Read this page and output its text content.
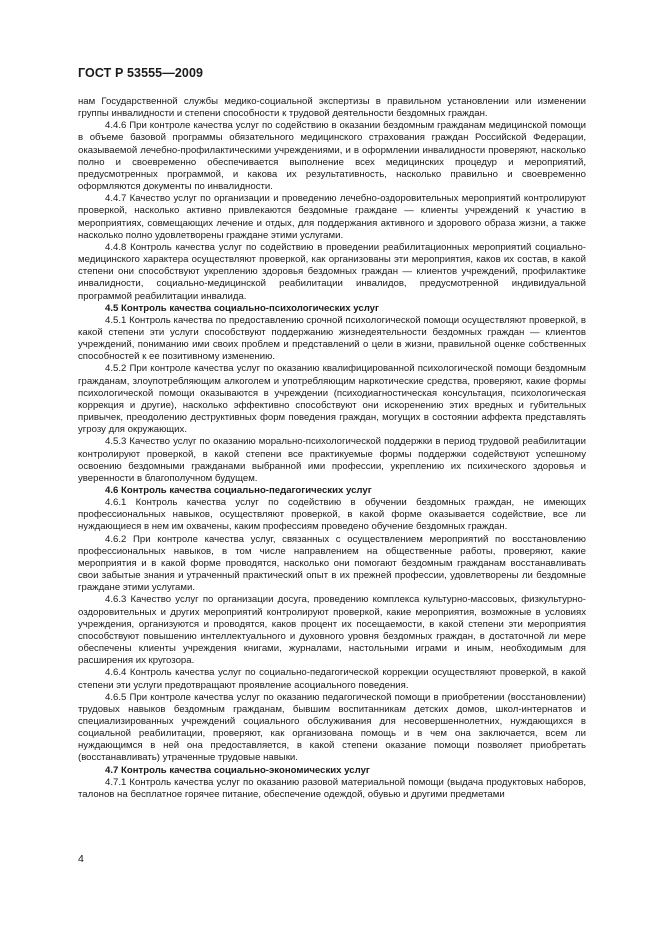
ГОСТ Р 53555—2009

нам Государственной службы медико-социальной экспертизы в правильном установлении или изменении группы инвалидности и степени способности к трудовой деятельности бездомных граждан.

4.4.6 При контроле качества услуг по содействию в оказании бездомным гражданам медицинской помощи в объеме базовой программы обязательного медицинского страхования граждан Российской Федерации, оказываемой лечебно-профилактическими учреждениями, и в оформлении инвалидности проверяют, насколько полно и своевременно обеспечивается выполнение всех медицинских процедур и мероприятий, предусмотренных программой, и какова их результативность, насколько правильно и своевременно оформляются документы по инвалидности.

4.4.7 Качество услуг по организации и проведению лечебно-оздоровительных мероприятий контролируют проверкой, насколько активно привлекаются бездомные граждане — клиенты учреждений к участию в мероприятиях, совмещающих лечение и отдых, для поддержания активного и здорового образа жизни, а также насколько полно удовлетворены граждане этими услугами.

4.4.8 Контроль качества услуг по содействию в проведении реабилитационных мероприятий социально-медицинского характера осуществляют проверкой, как организованы эти мероприятия, каков их состав, в какой степени они способствуют укреплению здоровья бездомных граждан — клиентов учреждений, профилактике инвалидности, социально-медицинской реабилитации инвалидов, предусмотренной индивидуальной программой реабилитации инвалида.

4.5 Контроль качества социально-психологических услуг

4.5.1 Контроль качества по предоставлению срочной психологической помощи осуществляют проверкой, в какой степени эти услуги способствуют поддержанию жизнедеятельности бездомных граждан — клиентов учреждений, пониманию ими своих проблем и представлений о цели в жизни, правильной оценке собственных способностей к ее позитивному изменению.

4.5.2 При контроле качества услуг по оказанию квалифицированной психологической помощи бездомным гражданам, злоупотребляющим алкоголем и употребляющим наркотические средства, проверяют, какие формы психологической помощи оказываются в учреждении (психодиагностическая консультация, психологическая коррекция и другие), насколько эффективно способствуют они искоренению этих вредных и губительных привычек, преодолению деструктивных форм поведения граждан, могущих в состоянии аффекта представлять угрозу для окружающих.

4.5.3 Качество услуг по оказанию морально-психологической поддержки в период трудовой реабилитации контролируют проверкой, в какой степени все практикуемые формы поддержки содействуют успешному освоению бездомными гражданами выбранной ими профессии, укреплению их психического здоровья и уверенности в благополучном будущем.

4.6 Контроль качества социально-педагогических услуг

4.6.1 Контроль качества услуг по содействию в обучении бездомных граждан, не имеющих профессиональных навыков, осуществляют проверкой, в какой форме оказывается содействие, все ли нуждающиеся в нем им охвачены, каким профессиям проведено обучение бездомных граждан.

4.6.2 При контроле качества услуг, связанных с осуществлением мероприятий по восстановлению профессиональных навыков, в том числе направлением на общественные работы, проверяют, какие мероприятия и в какой форме проводятся, насколько они помогают бездомным гражданам восстанавливать свои забытые знания и утраченный практический опыт в их прежней профессии, удовлетворены ли бездомные граждане этими услугами.

4.6.3 Качество услуг по организации досуга, проведению комплекса культурно-массовых, физкультурно-оздоровительных и других мероприятий контролируют проверкой, какие мероприятия, возможные в условиях учреждения, организуются и проводятся, каков процент их посещаемости, в какой степени эти мероприятия способствуют повышению интеллектуального и духовного уровня бездомных граждан, в достаточной ли мере обеспечены клиенты учреждения книгами, журналами, настольными играми и иным, необходимым для расширения их кругозора.

4.6.4 Контроль качества услуг по социально-педагогической коррекции осуществляют проверкой, в какой степени эти услуги предотвращают проявление асоциального поведения.

4.6.5 При контроле качества услуг по оказанию педагогической помощи в приобретении (восстановлении) трудовых навыков бездомным гражданам, бывшим воспитанникам детских домов, школ-интернатов и специализированных учреждений социального обслуживания для несовершеннолетних, нуждающихся в социальной реабилитации, проверяют, как организована помощь и в чем она заключается, всем ли нуждающимся в ней она предоставляется, в какой степени оказание помощи позволяет приобретать (восстанавливать) утраченные трудовые навыки.

4.7 Контроль качества социально-экономических услуг

4.7.1 Контроль качества услуг по оказанию разовой материальной помощи (выдача продуктовых наборов, талонов на бесплатное горячее питание, обеспечение одеждой, обувью и другими предметами

4
